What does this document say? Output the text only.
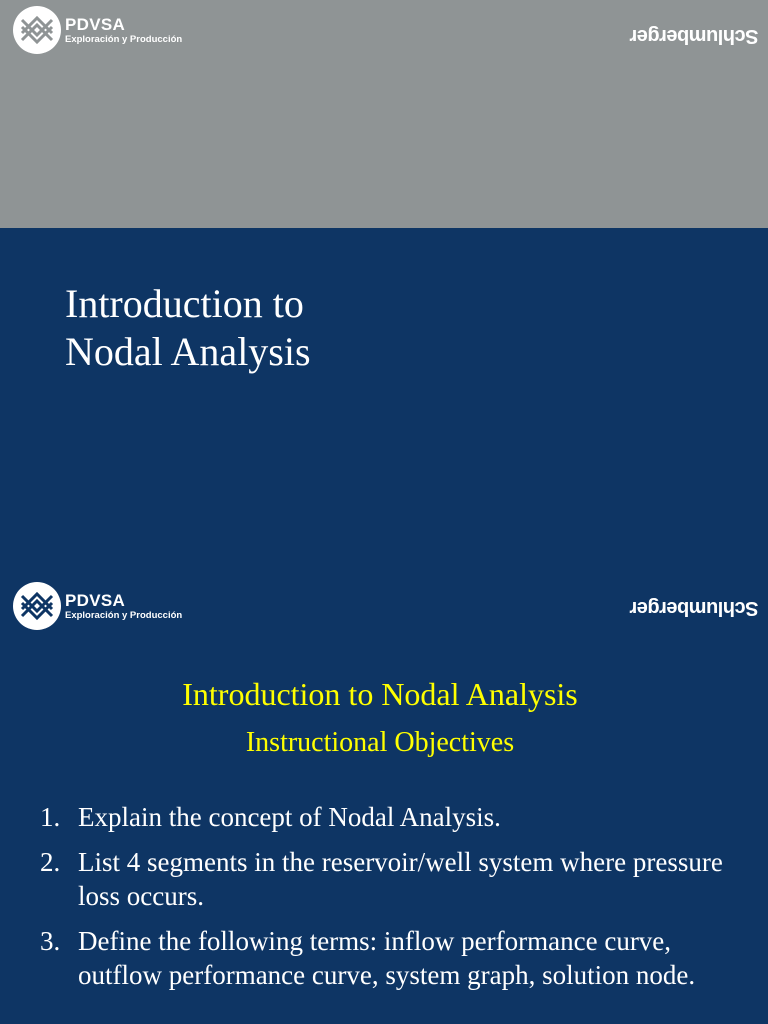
PDVSA
Exploración y Producción	Schlumberger
Introduction to
Nodal Analysis
PDVSA
Exploración y Producción	Schlumberger
Introduction to Nodal Analysis
Instructional Objectives
1. Explain the concept of Nodal Analysis.
2. List 4 segments in the reservoir/well system where pressure loss occurs.
3. Define the following terms: inflow performance curve, outflow performance curve, system graph, solution node.
